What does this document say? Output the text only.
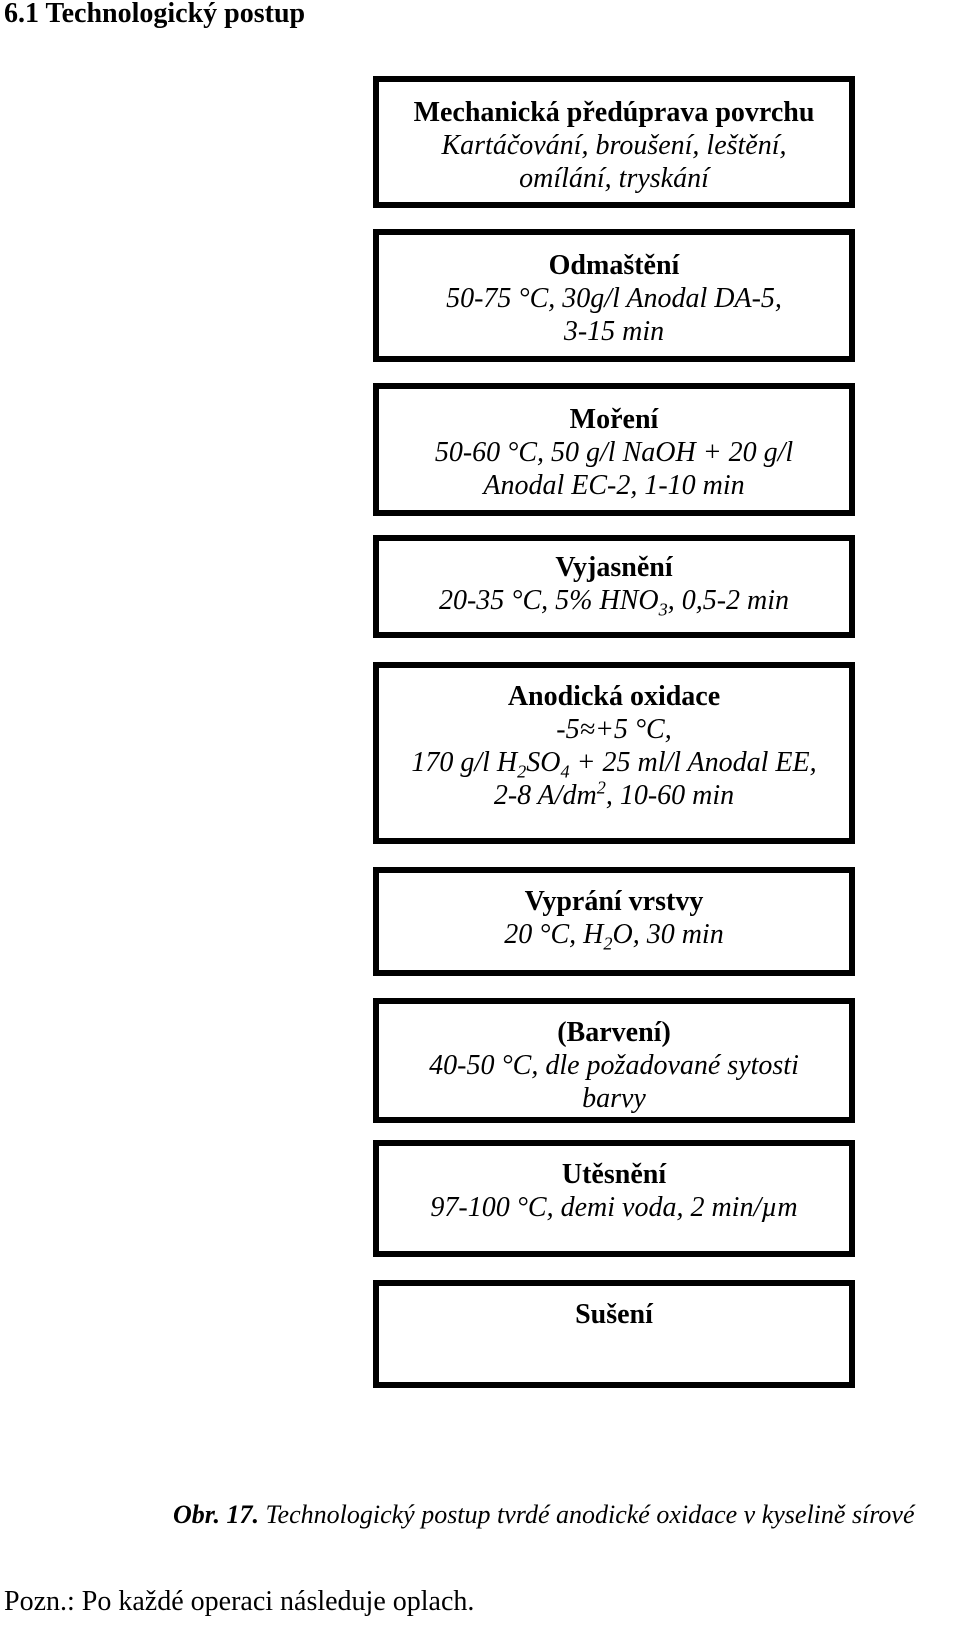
6.1 Technologický postup
Mechanická předúprava povrchu
Kartáčování, broušení, leštění,
omílání, tryskání
Odmaštění
50-75 °C, 30g/l Anodal DA-5,
3-15 min
Moření
50-60 °C, 50 g/l NaOH + 20 g/l
Anodal EC-2, 1-10 min
Vyjasnění
20-35 °C, 5% $HNO_3$, 0,5-2 min
Anodická oxidace
-5≈+5 °C,
170 g/l $H_2SO_4 + 25$ ml/l Anodal EE,
2-8 $A/dm^2$, 10-60 min
Vyprání vrstvy
20 °C, $H_2O$, 30 min
(Barvení)
40-50 °C, dle požadované sytosti
barvy
Utěsnění
97-100 °C, demi voda, 2 min/µm
Sušení
Obr. 17. Technologický postup tvrdé anodické oxidace v kyselině sírové
Pozn.: Po každé operaci následuje oplach.
